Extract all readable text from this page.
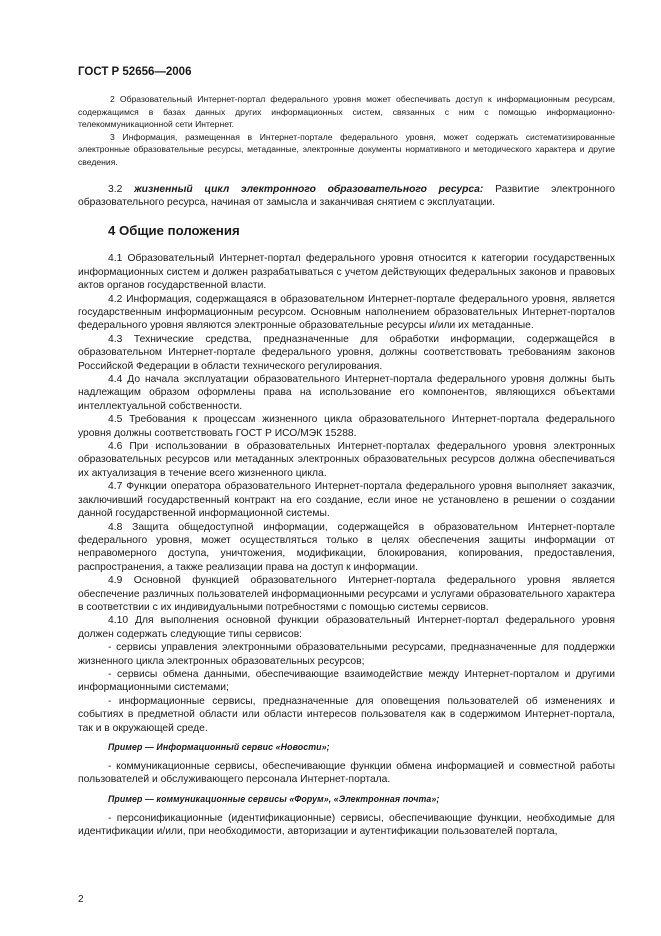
ГОСТ Р 52656—2006

2 Образовательный Интернет-портал федерального уровня может обеспечивать доступ к информационным ресурсам, содержащимся в базах данных других информационных систем, связанных с ним с помощью информационно-телекоммуникационной сети Интернет.

3 Информация, размещенная в Интернет-портале федерального уровня, может содержать систематизированные электронные образовательные ресурсы, метаданные, электронные документы нормативного и методического характера и другие сведения.

3.2 жизненный цикл электронного образовательного ресурса: Развитие электронного образовательного ресурса, начиная от замысла и заканчивая снятием с эксплуатации.

4 Общие положения

4.1 Образовательный Интернет-портал федерального уровня относится к категории государственных информационных систем и должен разрабатываться с учетом действующих федеральных законов и правовых актов органов государственной власти.

4.2 Информация, содержащаяся в образовательном Интернет-портале федерального уровня, является государственным информационным ресурсом. Основным наполнением образовательных Интернет-порталов федерального уровня являются электронные образовательные ресурсы и/или их метаданные.

4.3 Технические средства, предназначенные для обработки информации, содержащейся в образовательном Интернет-портале федерального уровня, должны соответствовать требованиям законов Российской Федерации в области технического регулирования.

4.4 До начала эксплуатации образовательного Интернет-портала федерального уровня должны быть надлежащим образом оформлены права на использование его компонентов, являющихся объектами интеллектуальной собственности.

4.5 Требования к процессам жизненного цикла образовательного Интернет-портала федерального уровня должны соответствовать ГОСТ Р ИСО/МЭК 15288.

4.6 При использовании в образовательных Интернет-порталах федерального уровня электронных образовательных ресурсов или метаданных электронных образовательных ресурсов должна обеспечиваться их актуализация в течение всего жизненного цикла.

4.7 Функции оператора образовательного Интернет-портала федерального уровня выполняет заказчик, заключивший государственный контракт на его создание, если иное не установлено в решении о создании данной государственной информационной системы.

4.8 Защита общедоступной информации, содержащейся в образовательном Интернет-портале федерального уровня, может осуществляться только в целях обеспечения защиты информации от неправомерного доступа, уничтожения, модификации, блокирования, копирования, предоставления, распространения, а также реализации права на доступ к информации.

4.9 Основной функцией образовательного Интернет-портала федерального уровня является обеспечение различных пользователей информационными ресурсами и услугами образовательного характера в соответствии с их индивидуальными потребностями с помощью системы сервисов.

4.10 Для выполнения основной функции образовательный Интернет-портал федерального уровня должен содержать следующие типы сервисов:

- сервисы управления электронными образовательными ресурсами, предназначенные для поддержки жизненного цикла электронных образовательных ресурсов;

- сервисы обмена данными, обеспечивающие взаимодействие между Интернет-порталом и другими информационными системами;

- информационные сервисы, предназначенные для оповещения пользователей об изменениях и событиях в предметной области или области интересов пользователя как в содержимом Интернет-портала, так и в окружающей среде.

Пример — Информационный сервис «Новости»;

- коммуникационные сервисы, обеспечивающие функции обмена информацией и совместной работы пользователей и обслуживающего персонала Интернет-портала.

Пример — коммуникационные сервисы «Форум», «Электронная почта»;

- персонификационные (идентификационные) сервисы, обеспечивающие функции, необходимые для идентификации и/или, при необходимости, авторизации и аутентификации пользователей портала,

2
